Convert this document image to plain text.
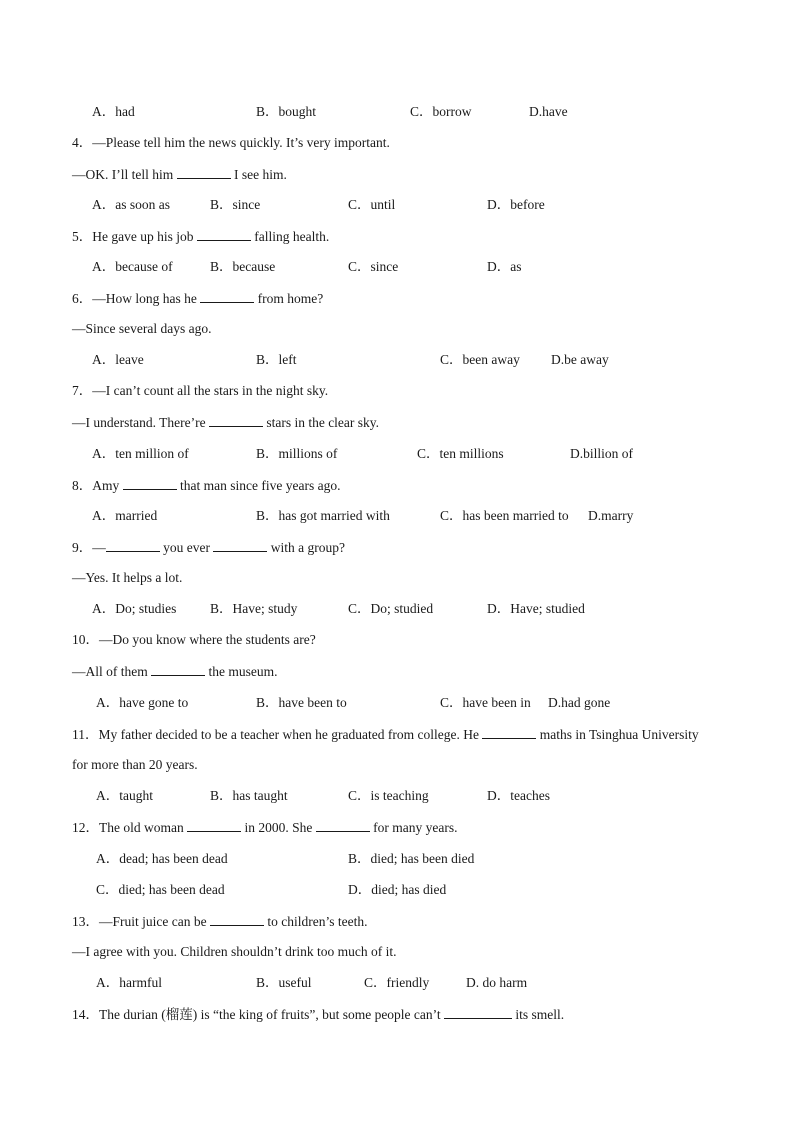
A．had	B．bought	C．borrow	D.have
4．—Please tell him the news quickly. It’s very important.
—OK. I’ll tell him	I see him.
A．as soon as	B．since	C．until	D．before
5．He gave up his job	falling health.
A．because of	B．because	C．since	D．as
6．—How long has he	from home?
—Since several days ago.
A．leave	B．left	C．been away D.be away
7．—I can’t count all the stars in the night sky.
—I understand. There’re	stars in the clear sky.
A．ten million of	B．millions of	C．ten millions	D.billion of
8．Amy	that man since five years ago.
A．married	B．has got married with	C．has been married to D.marry
9．—	you ever	with a group?
—Yes. It helps a lot.
A．Do; studies B．Have; study	C．Do; studied	D．Have; studied
10．—Do you know where the students are?
—All of them	the museum.
A．have gone to	B．have been to	C．have been in D.had gone
11．My father decided to be a teacher when he graduated from college. He	maths in Tsinghua University
for more than 20 years.
A．taught	B．has taught	C．is teaching	D．teaches
12．The old woman	in 2000. She	for many years.
A．dead; has been dead	B．died; has been died
C．died; has been dead	D．died; has died
13．—Fruit juice can be	to children’s teeth.
—I agree with you. Children shouldn’t drink too much of it.
A．harmful	B．useful	C．friendly	D. do harm
14．The durian (榴莲) is “the king of fruits”, but some people can’t	its smell.
